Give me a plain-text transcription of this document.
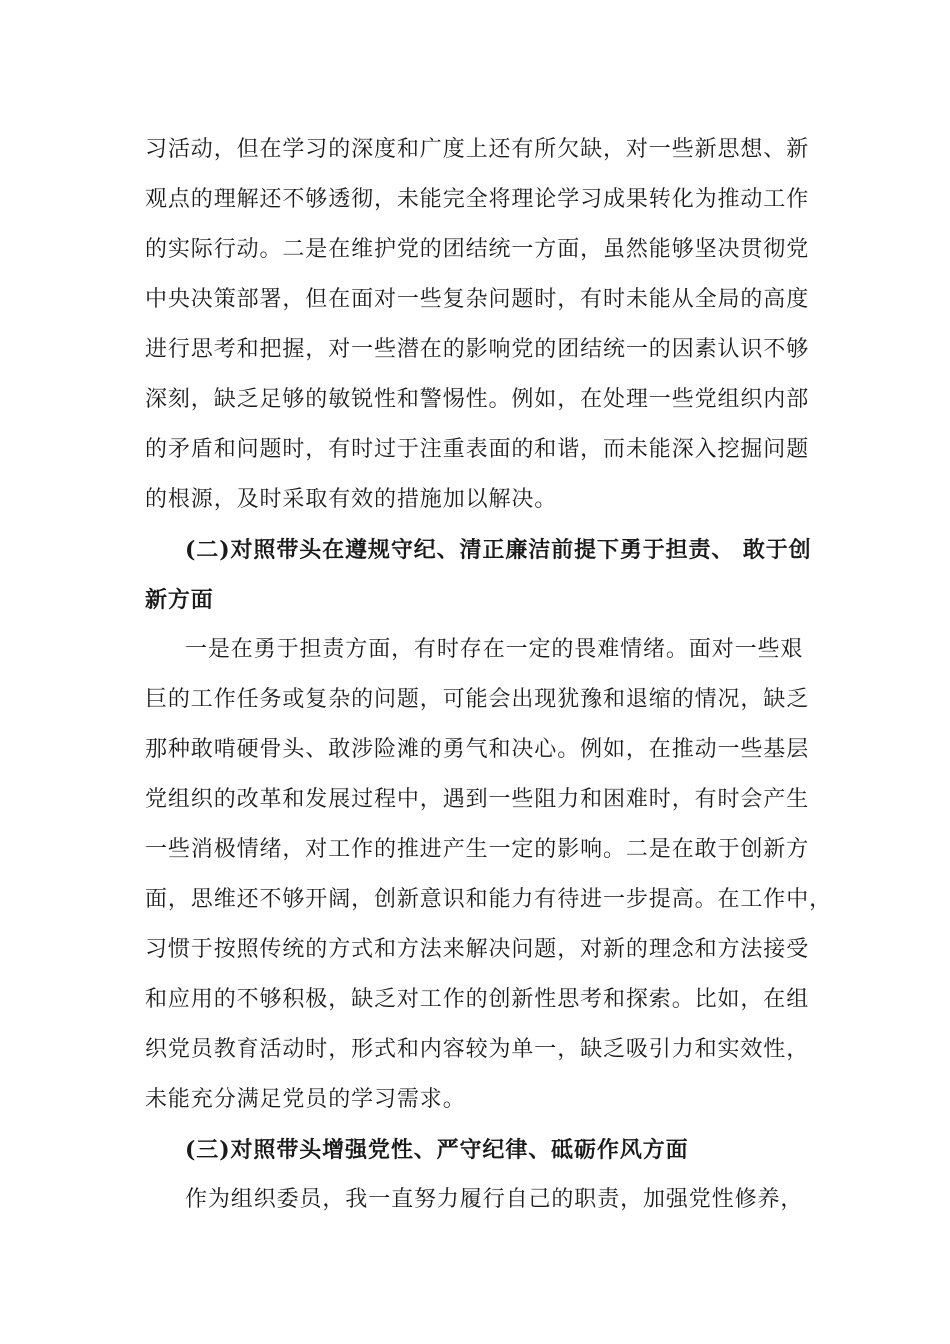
习活动，但在学习的深度和广度上还有所欠缺，对一些新思想、新
观点的理解还不够透彻，未能完全将理论学习成果转化为推动工作
的实际行动。二是在维护党的团结统一方面，虽然能够坚决贯彻党
中央决策部署，但在面对一些复杂问题时，有时未能从全局的高度
进行思考和把握，对一些潜在的影响党的团结统一的因素认识不够
深刻，缺乏足够的敏锐性和警惕性。例如，在处理一些党组织内部
的矛盾和问题时，有时过于注重表面的和谐，而未能深入挖掘问题
的根源，及时采取有效的措施加以解决。
(二)对照带头在遵规守纪、清正廉洁前提下勇于担责、 敢于创
新方面
一是在勇于担责方面，有时存在一定的畏难情绪。面对一些艰
巨的工作任务或复杂的问题，可能会出现犹豫和退缩的情况，缺乏
那种敢啃硬骨头、敢涉险滩的勇气和决心。例如，在推动一些基层
党组织的改革和发展过程中，遇到一些阻力和困难时，有时会产生
一些消极情绪，对工作的推进产生一定的影响。二是在敢于创新方
面，思维还不够开阔，创新意识和能力有待进一步提高。在工作中，
习惯于按照传统的方式和方法来解决问题，对新的理念和方法接受
和应用的不够积极，缺乏对工作的创新性思考和探索。比如，在组
织党员教育活动时，形式和内容较为单一，缺乏吸引力和实效性，
未能充分满足党员的学习需求。
(三)对照带头增强党性、严守纪律、砥砺作风方面
作为组织委员，我一直努力履行自己的职责，加强党性修养，
